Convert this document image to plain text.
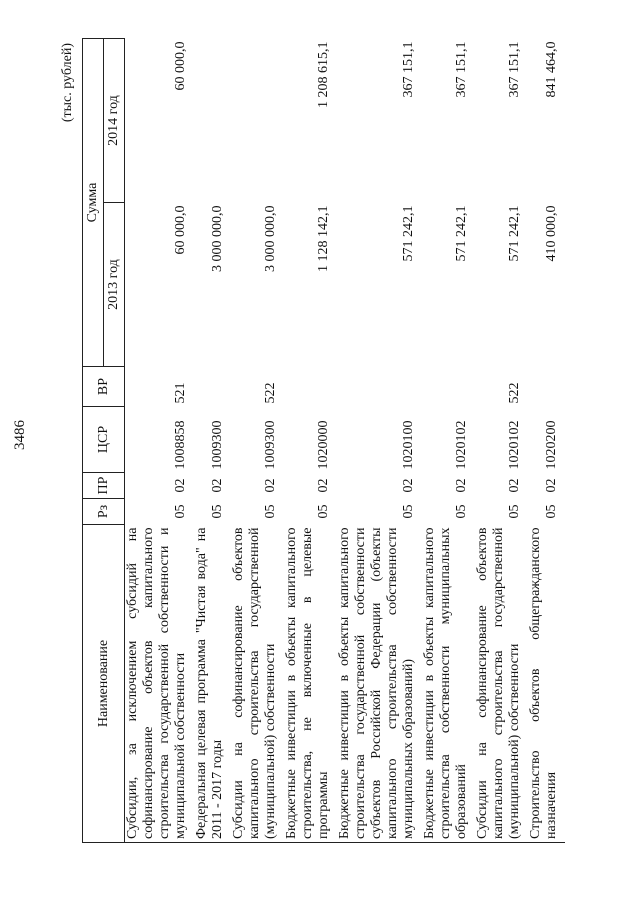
3486
(тыс. рублей)
Наименование	Рз	ПР	ЦСР	ВР	Сумма	
					2013 год	2014 год
Субсидии, за исключением субсидий на софинансирование объектов капитального строительства государственной собственности и муниципальной собственности	05	02	1008858	521	60 000,0	60 000,0
Федеральная целевая программа "Чистая вода" на 2011 - 2017 годы	05	02	1009300		3 000 000,0	
Субсидии на софинансирование объектов капитального строительства государственной (муниципальной) собственности	05	02	1009300	522	3 000 000,0	
Бюджетные инвестиции в объекты капитального строительства, не включенные в целевые программы	05	02	1020000		1 128 142,1	1 208 615,1
Бюджетные инвестиции в объекты капитального строительства государственной собственности субъектов Российской Федерации (объекты капитального строительства собственности муниципальных образований)	05	02	1020100		571 242,1	367 151,1
Бюджетные инвестиции в объекты капитального строительства собственности муниципальных образований	05	02	1020102		571 242,1	367 151,1
Субсидии на софинансирование объектов капитального строительства государственной (муниципальной) собственности	05	02	1020102	522	571 242,1	367 151,1
Строительство объектов общегражданского назначения	05	02	1020200		410 000,0	841 464,0
